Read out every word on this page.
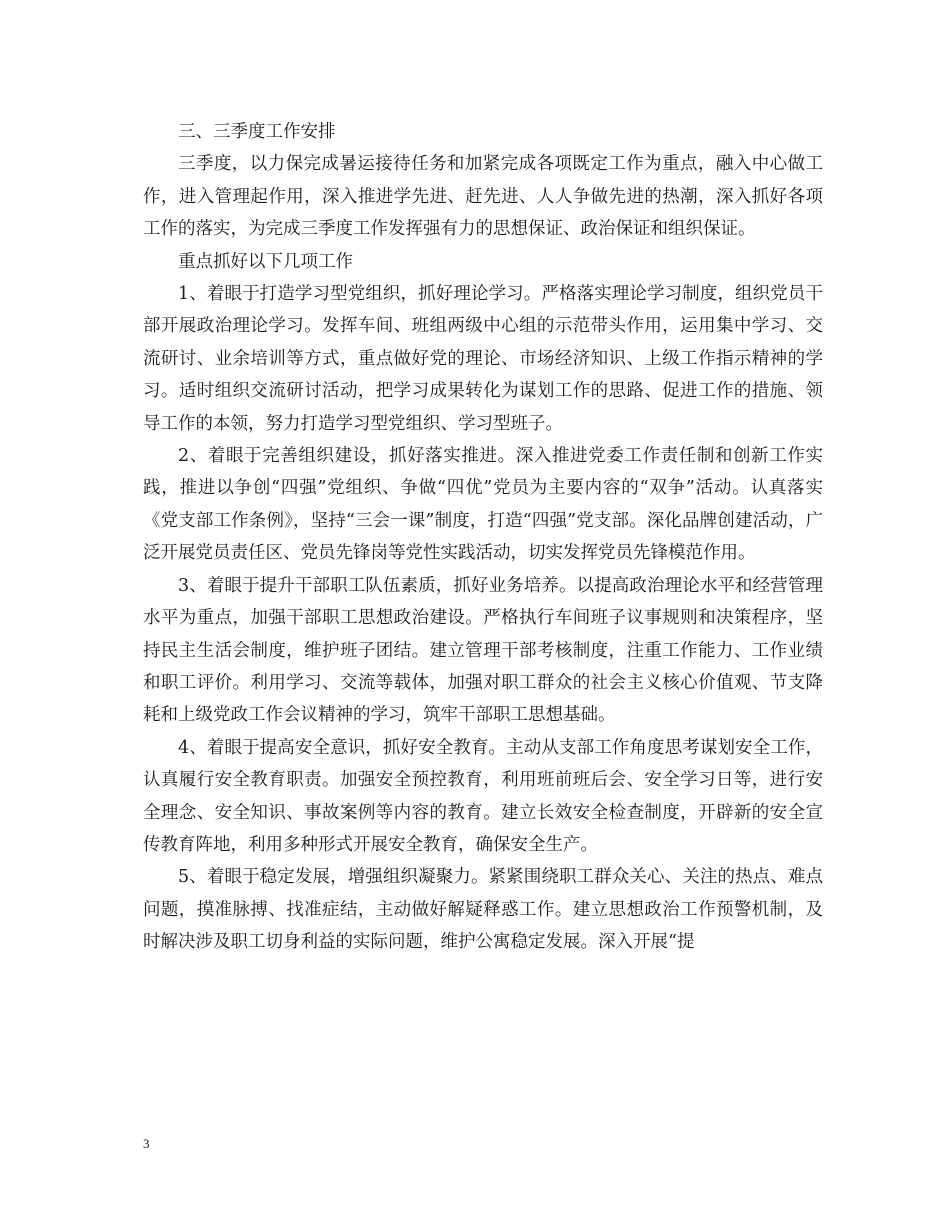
三、三季度工作安排

三季度，以力保完成暑运接待任务和加紧完成各项既定工作为重点，融入中心做工作，进入管理起作用，深入推进学先进、赶先进、人人争做先进的热潮，深入抓好各项工作的落实，为完成三季度工作发挥强有力的思想保证、政治保证和组织保证。

重点抓好以下几项工作

1、着眼于打造学习型党组织，抓好理论学习。严格落实理论学习制度，组织党员干部开展政治理论学习。发挥车间、班组两级中心组的示范带头作用，运用集中学习、交流研讨、业余培训等方式，重点做好党的理论、市场经济知识、上级工作指示精神的学习。适时组织交流研讨活动，把学习成果转化为谋划工作的思路、促进工作的措施、领导工作的本领，努力打造学习型党组织、学习型班子。

2、着眼于完善组织建设，抓好落实推进。深入推进党委工作责任制和创新工作实践，推进以争创“四强”党组织、争做“四优”党员为主要内容的“双争”活动。认真落实《党支部工作条例》，坚持“三会一课”制度，打造“四强”党支部。深化品牌创建活动，广泛开展党员责任区、党员先锋岗等党性实践活动，切实发挥党员先锋模范作用。

3、着眼于提升干部职工队伍素质，抓好业务培养。以提高政治理论水平和经营管理水平为重点，加强干部职工思想政治建设。严格执行车间班子议事规则和决策程序，坚持民主生活会制度，维护班子团结。建立管理干部考核制度，注重工作能力、工作业绩和职工评价。利用学习、交流等载体，加强对职工群众的社会主义核心价值观、节支降耗和上级党政工作会议精神的学习，筑牢干部职工思想基础。

4、着眼于提高安全意识，抓好安全教育。主动从支部工作角度思考谋划安全工作，认真履行安全教育职责。加强安全预控教育，利用班前班后会、安全学习日等，进行安全理念、安全知识、事故案例等内容的教育。建立长效安全检查制度，开辟新的安全宣传教育阵地，利用多种形式开展安全教育，确保安全生产。

5、着眼于稳定发展，增强组织凝聚力。紧紧围绕职工群众关心、关注的热点、难点问题，摸准脉搏、找准症结，主动做好解疑释惑工作。建立思想政治工作预警机制，及时解决涉及职工切身利益的实际问题，维护公寓稳定发展。深入开展“提

3
